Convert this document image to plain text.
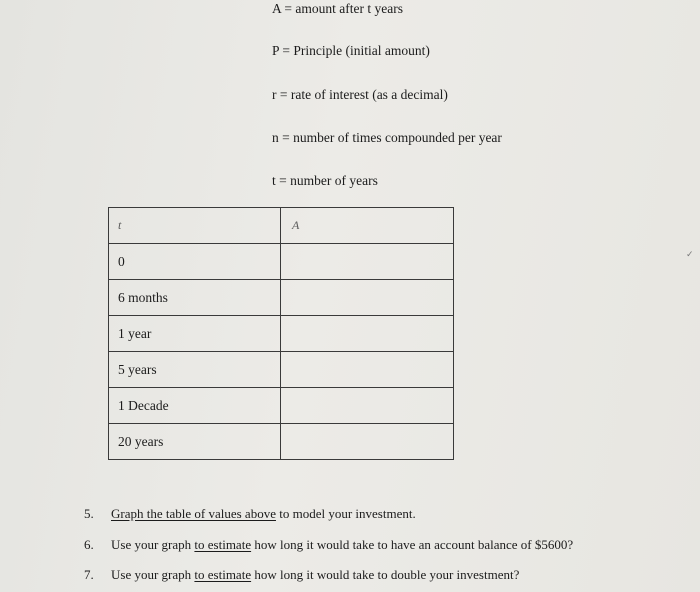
A = amount after t years
P = Principle (initial amount)
r = rate of interest (as a decimal)
n = number of times compounded per year
t = number of years
t	A
0	
6 months	
1 year	
5 years	
1 Decade	
20 years	
5. Graph the table of values above to model your investment.
6. Use your graph to estimate how long it would take to have an account balance of $5600?
7. Use your graph to estimate how long it would take to double your investment?
✓
